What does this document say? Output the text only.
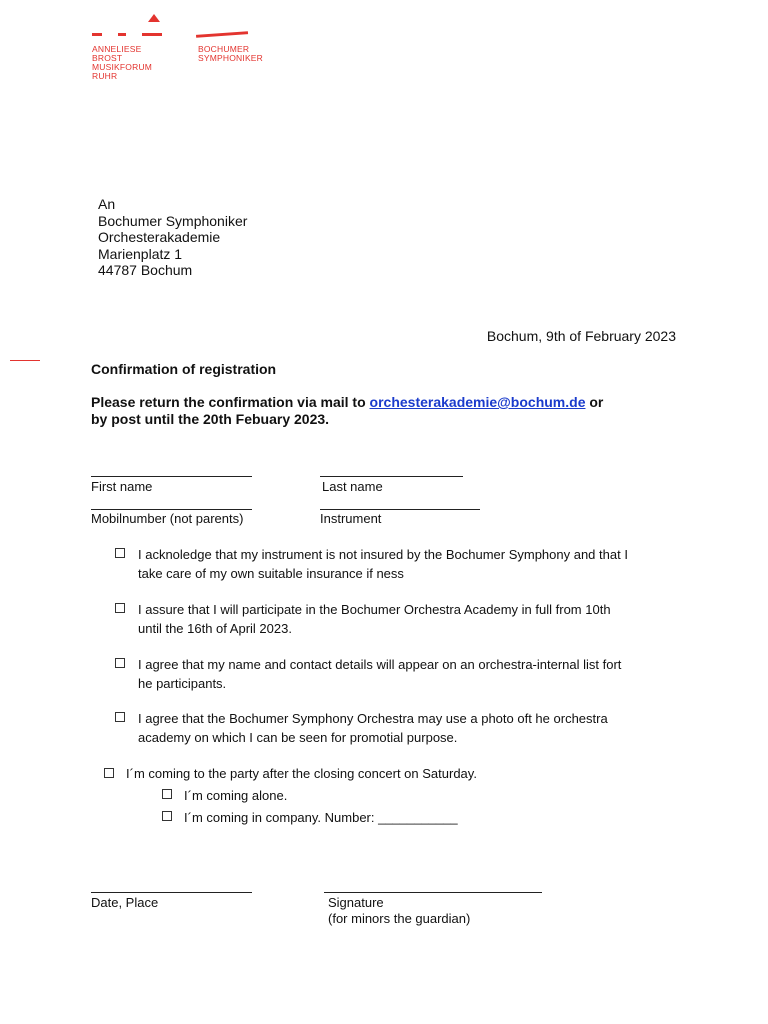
ANNELIESE
BROST
MUSIKFORUM
RUHR
BOCHUMER
SYMPHONIKER
An
Bochumer Symphoniker
Orchesterakademie
Marienplatz 1
44787 Bochum
Bochum, 9th of February 2023
Confirmation of registration
Please return the confirmation via mail to orchesterakademie@bochum.de or
by post until the 20th Febuary 2023.
First name	Last name
Mobilnumber (not parents)	Instrument
I acknoledge that my instrument is not insured by the Bochumer Symphony and that I
take care of my own suitable insurance if ness
I assure that I will participate in the Bochumer Orchestra Academy in full from 10th
until the 16th of April 2023.
I agree that my name and contact details will appear on an orchestra-internal list fort
he participants.
I agree that the Bochumer Symphony Orchestra may use a photo oft he orchestra
academy on which I can be seen for promotial purpose.
I´m coming to the party after the closing concert on Saturday.
I´m coming alone.
I´m coming in company. Number: ___________
Date, Place	Signature
(for minors the guardian)
